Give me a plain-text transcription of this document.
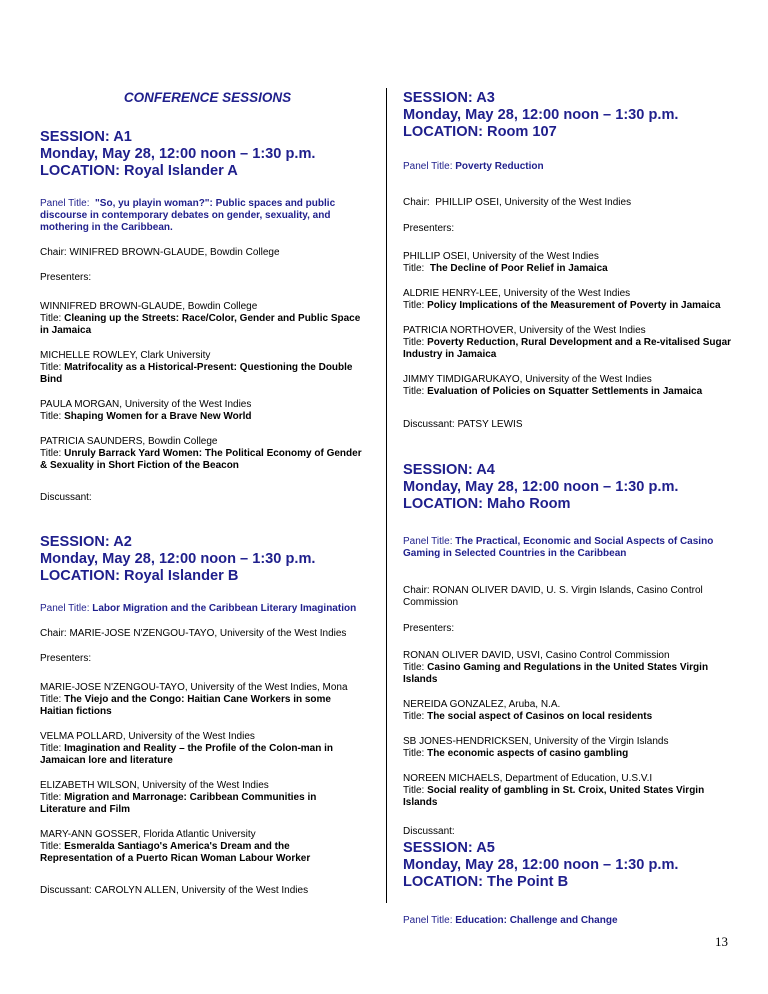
CONFERENCE SESSIONS

SESSION: A1

Monday, May 28, 12:00 noon – 1:30 p.m.

LOCATION: Royal Islander A

Panel Title: "So, yu playin woman?": Public spaces and public discourse in contemporary debates on gender, sexuality, and mothering in the Caribbean.

Chair: WINIFRED BROWN-GLAUDE, Bowdin College

Presenters:

WINNIFRED BROWN-GLAUDE, Bowdin College

Title: Cleaning up the Streets: Race/Color, Gender and Public Space in Jamaica

MICHELLE ROWLEY, Clark University

Title: Matrifocality as a Historical-Present: Questioning the Double Bind

PAULA MORGAN, University of the West Indies

Title: Shaping Women for a Brave New World

PATRICIA SAUNDERS, Bowdin College

Title: Unruly Barrack Yard Women: The Political Economy of Gender & Sexuality in Short Fiction of the Beacon

Discussant:

SESSION: A2

Monday, May 28, 12:00 noon – 1:30 p.m.

LOCATION: Royal Islander B

Panel Title: Labor Migration and the Caribbean Literary Imagination

Chair: MARIE-JOSE N'ZENGOU-TAYO, University of the West Indies

Presenters:

MARIE-JOSE N'ZENGOU-TAYO, University of the West Indies, Mona

Title: The Viejo and the Congo: Haitian Cane Workers in some Haitian fictions

VELMA POLLARD, University of the West Indies

Title: Imagination and Reality – the Profile of the Colon-man in Jamaican lore and literature

ELIZABETH WILSON, University of the West Indies

Title: Migration and Marronage: Caribbean Communities in Literature and Film

MARY-ANN GOSSER, Florida Atlantic University

Title: Esmeralda Santiago's America's Dream and the Representation of a Puerto Rican Woman Labour Worker

Discussant: CAROLYN ALLEN, University of the West Indies

SESSION: A3

Monday, May 28, 12:00 noon – 1:30 p.m.

LOCATION: Room 107

Panel Title: Poverty Reduction

Chair: PHILLIP OSEI, University of the West Indies

Presenters:

PHILLIP OSEI, University of the West Indies

Title: The Decline of Poor Relief in Jamaica

ALDRIE HENRY-LEE, University of the West Indies

Title: Policy Implications of the Measurement of Poverty in Jamaica

PATRICIA NORTHOVER, University of the West Indies

Title: Poverty Reduction, Rural Development and a Re-vitalised Sugar Industry in Jamaica

JIMMY TIMDIGARUKAYO, University of the West Indies

Title: Evaluation of Policies on Squatter Settlements in Jamaica

Discussant: PATSY LEWIS

SESSION: A4

Monday, May 28, 12:00 noon – 1:30 p.m.

LOCATION: Maho Room

Panel Title: The Practical, Economic and Social Aspects of Casino Gaming in Selected Countries in the Caribbean

Chair: RONAN OLIVER DAVID, U. S. Virgin Islands, Casino Control Commission

Presenters:

RONAN OLIVER DAVID, USVI, Casino Control Commission

Title: Casino Gaming and Regulations in the United States Virgin Islands

NEREIDA GONZALEZ, Aruba, N.A.

Title: The social aspect of Casinos on local residents

SB JONES-HENDRICKSEN, University of the Virgin Islands

Title: The economic aspects of casino gambling

NOREEN MICHAELS, Department of Education, U.S.V.I

Title: Social reality of gambling in St. Croix, United States Virgin Islands

Discussant:

SESSION: A5

Monday, May 28, 12:00 noon – 1:30 p.m.

LOCATION: The Point B

Panel Title: Education: Challenge and Change

13
